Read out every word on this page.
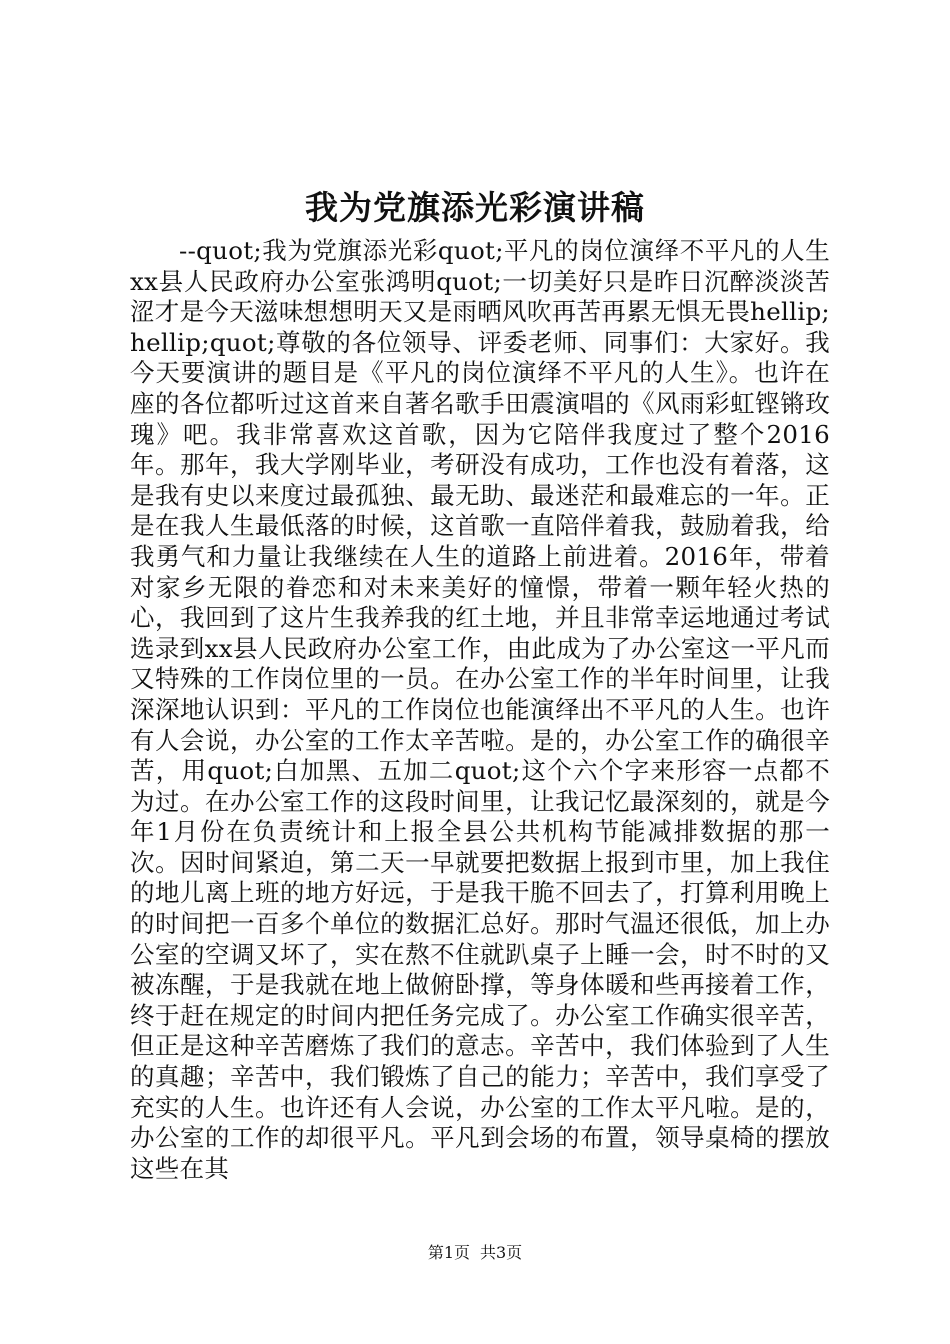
我为党旗添光彩演讲稿

--quot;我为党旗添光彩quot;平凡的岗位演绎不平凡的人生xx县人民政府办公室张鸿明quot;一切美好只是昨日沉醉淡淡苦涩才是今天滋味想想明天又是雨晒风吹再苦再累无惧无畏hellip;hellip;quot;尊敬的各位领导、评委老师、同事们：大家好。我今天要演讲的题目是《平凡的岗位演绎不平凡的人生》。也许在座的各位都听过这首来自著名歌手田震演唱的《风雨彩虹铿锵玫瑰》吧。我非常喜欢这首歌，因为它陪伴我度过了整个2016年。那年，我大学刚毕业，考研没有成功，工作也没有着落，这是我有史以来度过最孤独、最无助、最迷茫和最难忘的一年。正是在我人生最低落的时候，这首歌一直陪伴着我，鼓励着我，给我勇气和力量让我继续在人生的道路上前进着。2016年，带着对家乡无限的眷恋和对未来美好的憧憬，带着一颗年轻火热的心，我回到了这片生我养我的红土地，并且非常幸运地通过考试选录到xx县人民政府办公室工作，由此成为了办公室这一平凡而又特殊的工作岗位里的一员。在办公室工作的半年时间里，让我深深地认识到：平凡的工作岗位也能演绎出不平凡的人生。也许有人会说，办公室的工作太辛苦啦。是的，办公室工作的确很辛苦，用quot;白加黑、五加二quot;这个六个字来形容一点都不为过。在办公室工作的这段时间里，让我记忆最深刻的，就是今年1月份在负责统计和上报全县公共机构节能减排数据的那一次。因时间紧迫，第二天一早就要把数据上报到市里，加上我住的地儿离上班的地方好远，于是我干脆不回去了，打算利用晚上的时间把一百多个单位的数据汇总好。那时气温还很低，加上办公室的空调又坏了，实在熬不住就趴桌子上睡一会，时不时的又被冻醒，于是我就在地上做俯卧撑，等身体暖和些再接着工作，终于赶在规定的时间内把任务完成了。办公室工作确实很辛苦，但正是这种辛苦磨炼了我们的意志。辛苦中，我们体验到了人生的真趣；辛苦中，我们锻炼了自己的能力；辛苦中，我们享受了充实的人生。也许还有人会说，办公室的工作太平凡啦。是的，办公室的工作的却很平凡。平凡到会场的布置，领导桌椅的摆放这些在其

第1页 共3页
